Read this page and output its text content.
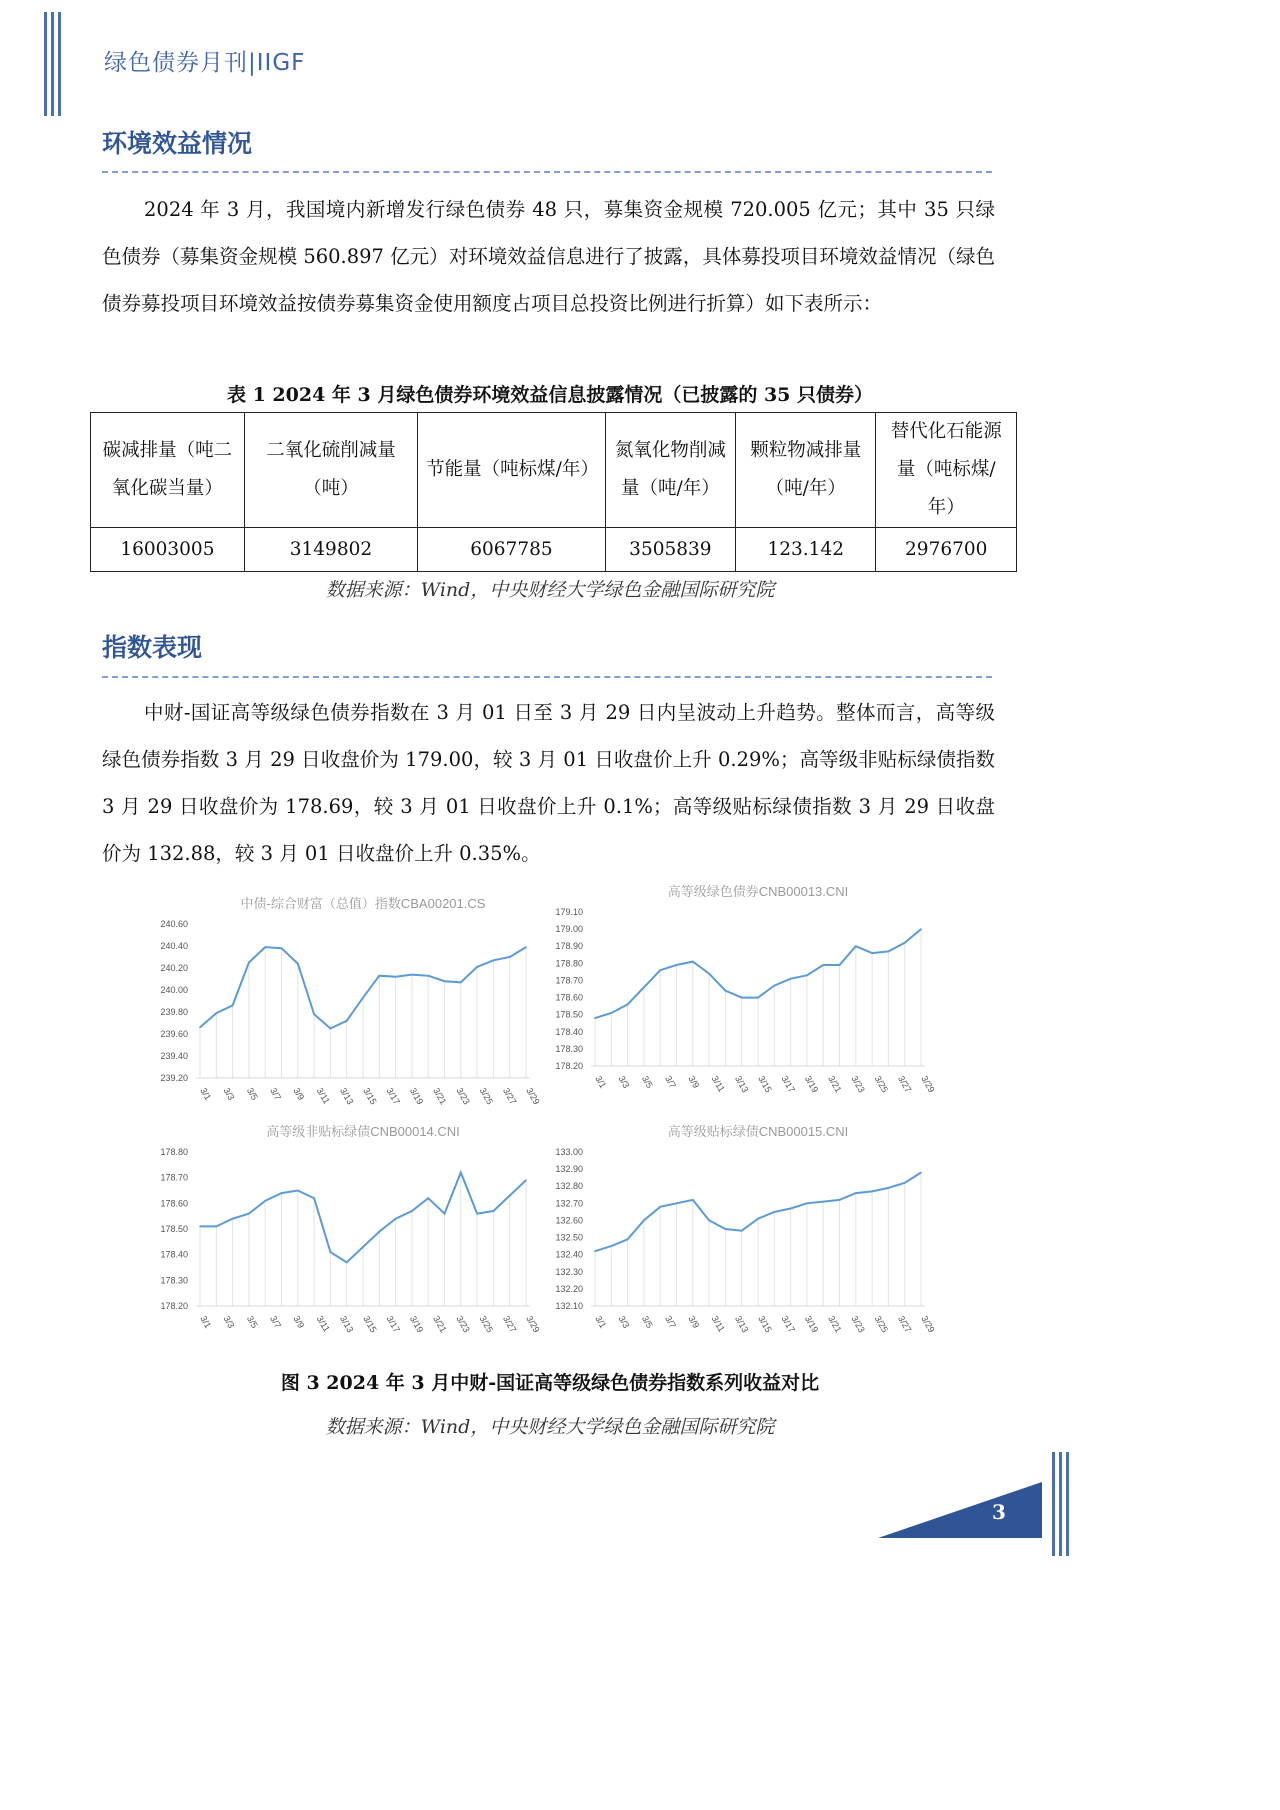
绿色债券月刊|IIGF
环境效益情况

2024 年 3 月，我国境内新增发行绿色债券 48 只，募集资金规模 720.005 亿元；其中 35 只绿色债券（募集资金规模 560.897 亿元）对环境效益信息进行了披露，具体募投项目环境效益情况（绿色债券募投项目环境效益按债券募集资金使用额度占项目总投资比例进行折算）如下表所示：

表 1 2024 年 3 月绿色债券环境效益信息披露情况（已披露的 35 只债券）
碳减排量（吨二氧化碳当量）	二氧化硫削减量（吨）	节能量（吨标煤/年）	氮氧化物削减量（吨/年）	颗粒物减排量（吨/年）	替代化石能源量（吨标煤/年）
16003005	3149802	6067785	3505839	123.142	2976700
数据来源：Wind，中央财经大学绿色金融国际研究院
指数表现

中财-国证高等级绿色债券指数在 3 月 01 日至 3 月 29 日内呈波动上升趋势。整体而言，高等级绿色债券指数 3 月 29 日收盘价为 179.00，较 3 月 01 日收盘价上升 0.29%；高等级非贴标绿债指数 3 月 29 日收盘价为 178.69，较 3 月 01 日收盘价上升 0.1%；高等级贴标绿债指数 3 月 29 日收盘价为 132.88，较 3 月 01 日收盘价上升 0.35%。

中债-综合财富（总值）指数CBA00201.CS
239.20
239.40
239.60
239.80
240.00
240.20
240.40
240.60
3/1 3/3 3/5 3/7 3/9 3/11 3/13 3/15 3/17 3/19 3/21 3/23 3/25 3/27 3/29
高等级绿色债券CNB00013.CNI
178.20
178.30
178.40
178.50
178.60
178.70
178.80
178.90
179.00
179.10
3/1 3/3 3/5 3/7 3/9 3/11 3/13 3/15 3/17 3/19 3/21 3/23 3/25 3/27 3/29
高等级非贴标绿债CNB00014.CNI
178.20
178.30
178.40
178.50
178.60
178.70
178.80
3/1 3/3 3/5 3/7 3/9 3/11 3/13 3/15 3/17 3/19 3/21 3/23 3/25 3/27 3/29
高等级贴标绿债CNB00015.CNI
132.10
132.20
132.30
132.40
132.50
132.60
132.70
132.80
132.90
133.00
3/1 3/3 3/5 3/7 3/9 3/11 3/13 3/15 3/17 3/19 3/21 3/23 3/25 3/27 3/29
图 3 2024 年 3 月中财-国证高等级绿色债券指数系列收益对比
数据来源：Wind，中央财经大学绿色金融国际研究院
3
